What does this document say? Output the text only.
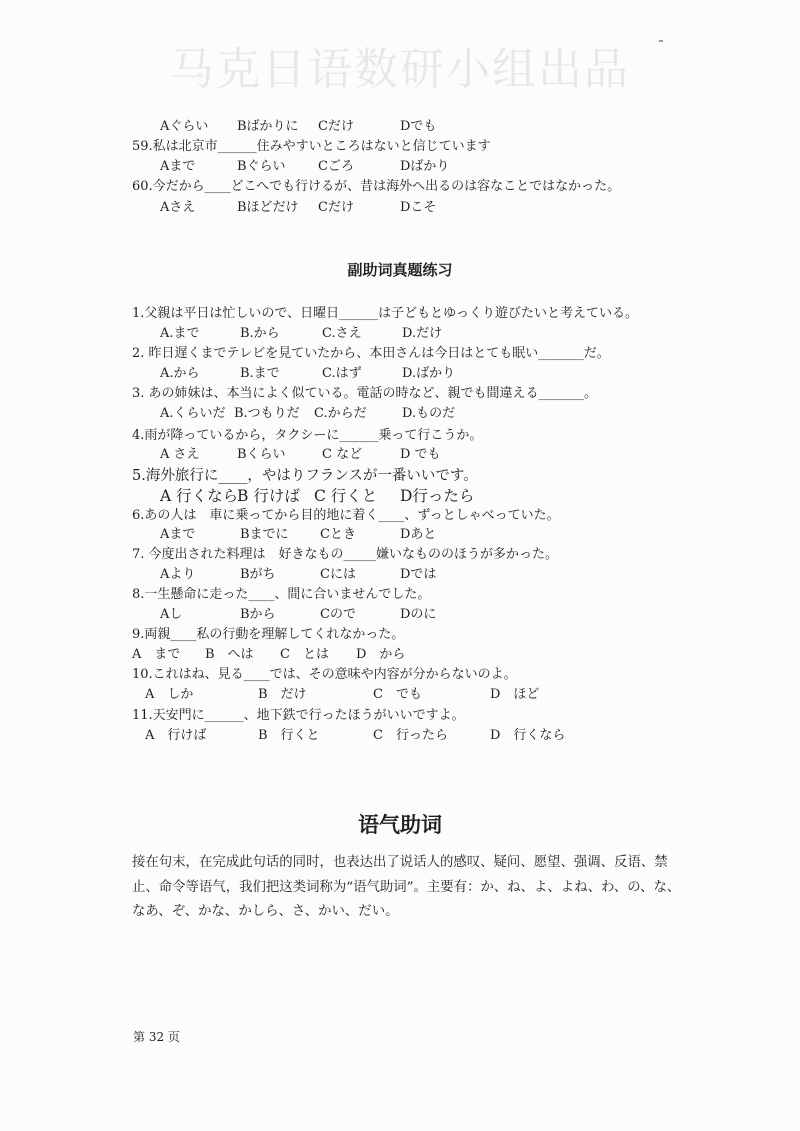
马克日语数研小组出品
Aぐらい Bばかりに Cだけ	Dでも
59.私は北京市______住みやすいところはないと信じています
Aまで	Bぐらい Cごろ	Dばかり
60.今だから____どこへでも行けるが、昔は海外へ出るのは容なことではなかった。
Aさえ	Bほどだけ Cだけ	Dこそ
副助词真题练习
1.父親は平日は忙しいので、日曜日______は子どもとゆっくり遊びたいと考えている。
A.まで	B.から	C.さえ	D.だけ
2. 昨日遅くまでテレビを見ていたから、本田さんは今日はとても眠い_______だ。
A.から	B.まで	C.はず	D.ばかり
3. あの姉妹は、本当によく似ている。電話の時など、親でも間違える_______。
A.くらいだ B.つもりだ C.からだ	D.ものだ
4.雨が降っているから，タクシーに______乗って行こうか。
A さえ	Bくらい	C など	D でも
5.海外旅行に____，やはりフランスが一番いいです。
A 行くなら
B 行けば C 行くと D行ったら
6.あの人は　車に乗ってから目的地に着く____、ずっとしゃべっていた。
Aまで	Bまでに Cとき	Dあと
7. 今度出された料理は　好きなもの_____嫌いなもののほうが多かった。
Aより	Bがち	Cには	Dでは
8.一生懸命に走った____、間に合いませんでした。
Aし	Bから	Cので	Dのに
9.両親____私の行動を理解してくれなかった。
A　まで B　へは C　とは D　から
10.これはね、見る____では、その意味や内容が分からないのよ。
A　しか	B　だけ	C　でも	D　ほど
11.天安門に______、地下鉄で行ったほうがいいですよ。
A　行けば	B　行くと	C　行ったら	D　行くなら
语气助词
接在句末，在完成此句话的同时，也表达出了说话人的感叹、疑问、愿望、强调、反语、禁
止、命令等语气，我们把这类词称为“语气助词”。主要有：か、ね、よ、よね、わ、の、な、
なあ、ぞ、かな、かしら、さ、かい、だい。
第 32 页
